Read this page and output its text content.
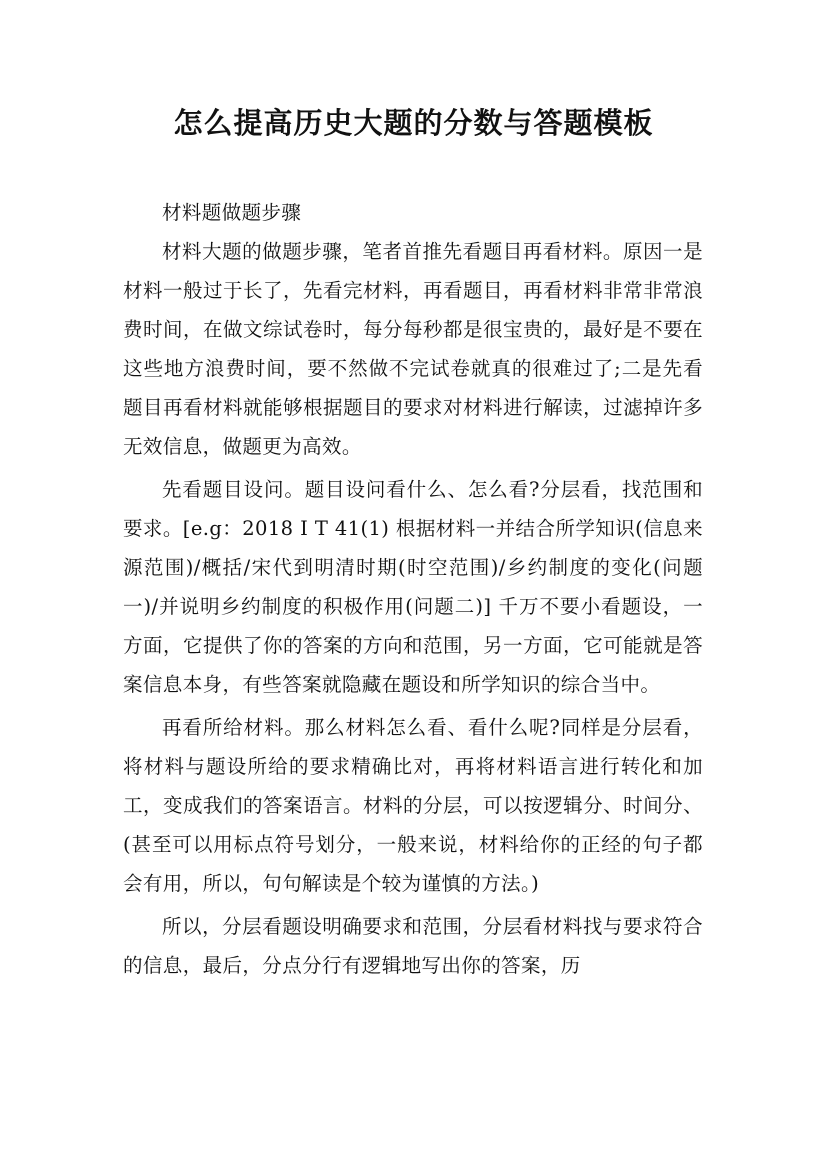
怎么提高历史大题的分数与答题模板

材料题做题步骤

材料大题的做题步骤，笔者首推先看题目再看材料。原因一是材料一般过于长了，先看完材料，再看题目，再看材料非常非常浪费时间，在做文综试卷时，每分每秒都是很宝贵的，最好是不要在这些地方浪费时间，要不然做不完试卷就真的很难过了;二是先看题目再看材料就能够根据题目的要求对材料进行解读，过滤掉许多无效信息，做题更为高效。

先看题目设问。题目设问看什么、怎么看?分层看，找范围和要求。[e.g：2018 I T 41(1) 根据材料一并结合所学知识(信息来源范围)/概括/宋代到明清时期(时空范围)/乡约制度的变化(问题一)/并说明乡约制度的积极作用(问题二)] 千万不要小看题设，一方面，它提供了你的答案的方向和范围，另一方面，它可能就是答案信息本身，有些答案就隐藏在题设和所学知识的综合当中。

再看所给材料。那么材料怎么看、看什么呢?同样是分层看，将材料与题设所给的要求精确比对，再将材料语言进行转化和加工，变成我们的答案语言。材料的分层，可以按逻辑分、时间分、(甚至可以用标点符号划分，一般来说，材料给你的正经的句子都会有用，所以，句句解读是个较为谨慎的方法。)

所以，分层看题设明确要求和范围，分层看材料找与要求符合的信息，最后，分点分行有逻辑地写出你的答案，历
